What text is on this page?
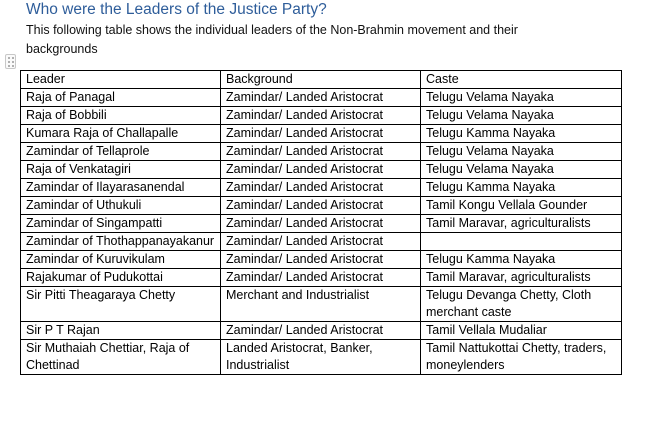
Who were the Leaders of the Justice Party?
This following table shows the individual leaders of the Non-Brahmin movement and their backgrounds
Leader	Background	Caste
Raja of Panagal	Zamindar/ Landed Aristocrat	Telugu Velama Nayaka
Raja of Bobbili	Zamindar/ Landed Aristocrat	Telugu Velama Nayaka
Kumara Raja of Challapalle	Zamindar/ Landed Aristocrat	Telugu Kamma Nayaka
Zamindar of Tellaprole	Zamindar/ Landed Aristocrat	Telugu Velama Nayaka
Raja of Venkatagiri	Zamindar/ Landed Aristocrat	Telugu Velama Nayaka
Zamindar of Ilayarasanendal	Zamindar/ Landed Aristocrat	Telugu Kamma Nayaka
Zamindar of Uthukuli	Zamindar/ Landed Aristocrat	Tamil Kongu Vellala Gounder
Zamindar of Singampatti	Zamindar/ Landed Aristocrat	Tamil Maravar, agriculturalists
Zamindar of Thothappanayakanur	Zamindar/ Landed Aristocrat	
Zamindar of Kuruvikulam	Zamindar/ Landed Aristocrat	Telugu Kamma Nayaka
Rajakumar of Pudukottai	Zamindar/ Landed Aristocrat	Tamil Maravar, agriculturalists
Sir Pitti Theagaraya Chetty	Merchant and Industrialist	Telugu Devanga Chetty, Cloth merchant caste
Sir P T Rajan	Zamindar/ Landed Aristocrat	Tamil Vellala Mudaliar
Sir Muthaiah Chettiar, Raja of Chettinad	Landed Aristocrat, Banker, Industrialist	Tamil Nattukottai Chetty, traders, moneylenders
